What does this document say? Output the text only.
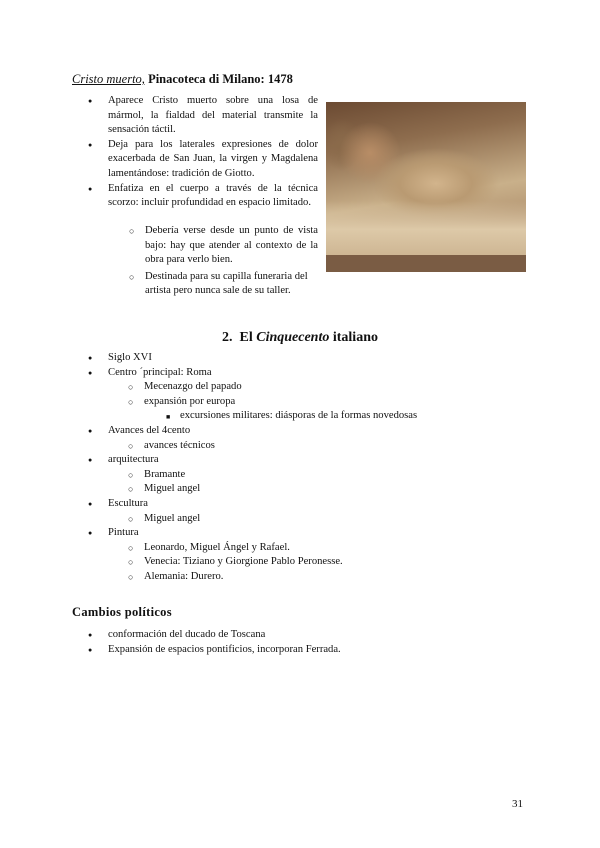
Cristo muerto, Pinacoteca di Milano: 1478
● Aparece Cristo muerto sobre una losa de mármol, la fialdad del material transmite la sensación táctil.
● Deja para los laterales expresiones de dolor exacerbada de San Juan, la virgen y Magdalena lamentándose: tradición de Giotto.
● Enfatiza en el cuerpo a través de la técnica scorzo: incluir profundidad en espacio limitado.
○ Debería verse desde un punto de vista bajo: hay que atender al contexto de la obra para verlo bien.
○ Destinada para su capilla funeraria del artista pero nunca sale de su taller.
2. El Cinquecento italiano
● Siglo XVI
● Centro ´principal: Roma
○ Mecenazgo del papado
○ expansión por europa
■ excursiones militares: diásporas de la formas novedosas
● Avances del 4cento
○ avances técnicos
● arquitectura
○ Bramante
○ Miguel angel
● Escultura
○ Miguel angel
● Pintura
○ Leonardo, Miguel Ángel y Rafael.
○ Venecia: Tiziano y Giorgione Pablo Peronesse.
○ Alemania: Durero.
Cambios políticos
● conformación del ducado de Toscana
● Expansión de espacios pontificios, incorporan Ferrada.
31
